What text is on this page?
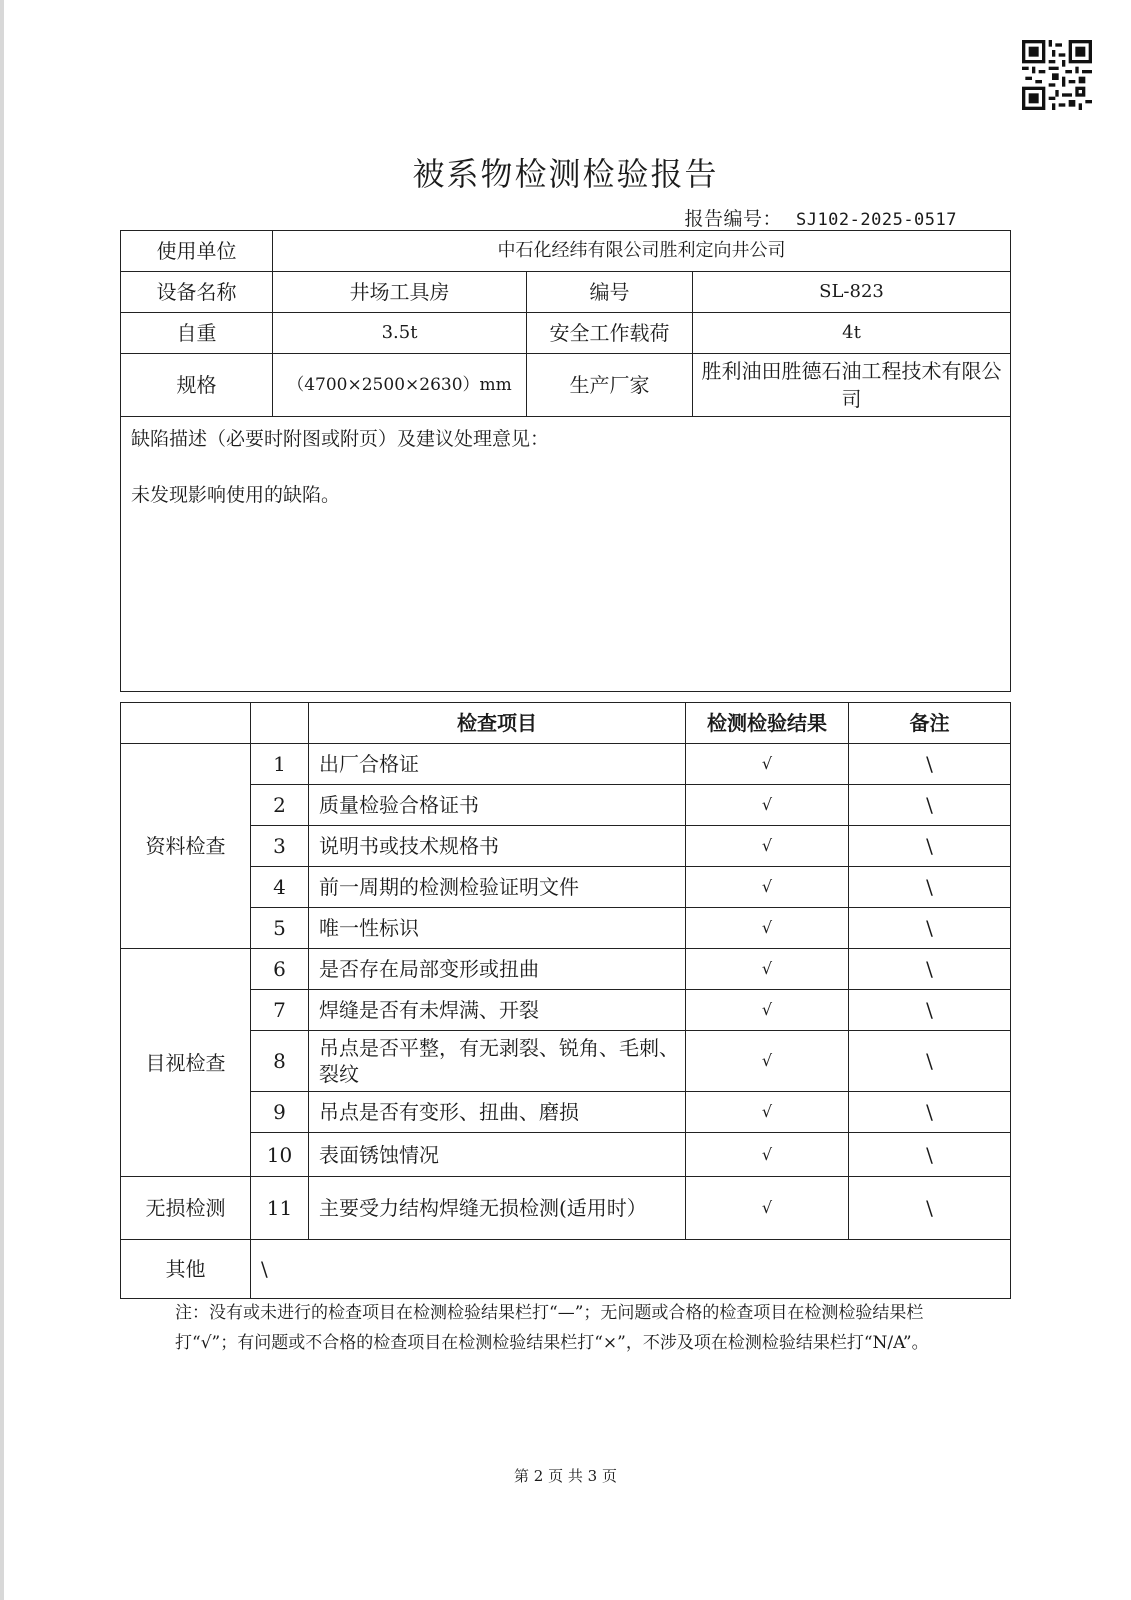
被系物检测检验报告
报告编号： SJ102-2025-0517
使用单位	中石化经纬有限公司胜利定向井公司		
设备名称	井场工具房	编号	SL-823
自重	3.5t	安全工作载荷	4t
规格	（4700×2500×2630）mm	生产厂家	胜利油田胜德石油工程技术有限公司

缺陷描述（必要时附图或附页）及建议处理意见：
未发现影响使用的缺陷。			
		检查项目	检测检验结果	备注
资料检查	1	出厂合格证	√	\
	2	质量检验合格证书	√	\
	3	说明书或技术规格书	√	\
	4	前一周期的检测检验证明文件	√	\
	5	唯一性标识	√	\
目视检查	6	是否存在局部变形或扭曲	√	\
	7	焊缝是否有未焊满、开裂	√	\
	8	吊点是否平整，有无剥裂、锐角、毛刺、裂纹	√	\
	9	吊点是否有变形、扭曲、磨损	√	\
	10	表面锈蚀情况	√	\
无损检测	11	主要受力结构焊缝无损检测(适用时）	√	\
其他	\			
注：没有或未进行的检查项目在检测检验结果栏打“—”；无问题或合格的检查项目在检测检验结果栏打“√”；有问题或不合格的检查项目在检测检验结果栏打“×”，不涉及项在检测检验结果栏打“N/A”。
第 2 页 共 3 页
